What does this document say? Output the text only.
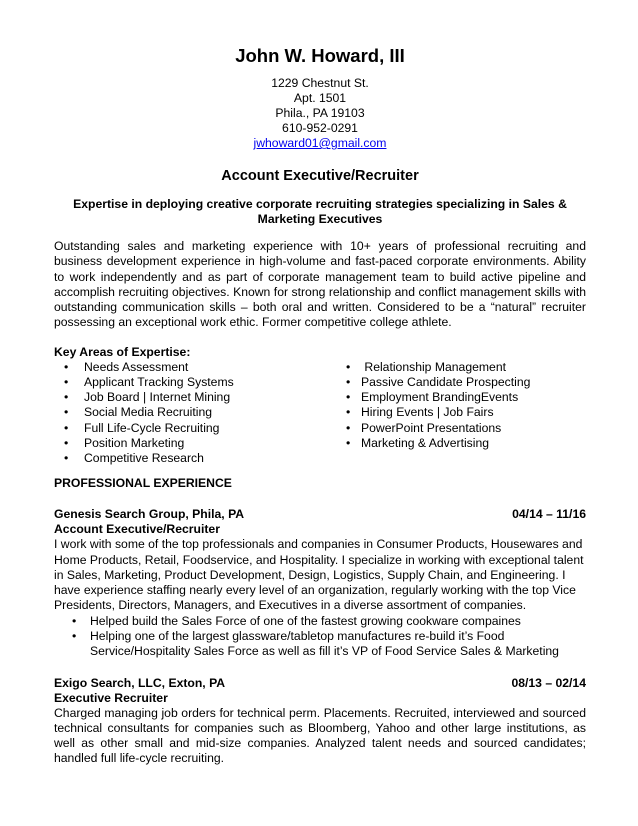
John W. Howard, III
1229 Chestnut St.
Apt. 1501
Phila., PA 19103
610-952-0291
jwhoward01@gmail.com
Account Executive/Recruiter
Expertise in deploying creative corporate recruiting strategies specializing in Sales & Marketing Executives
Outstanding sales and marketing experience with 10+ years of professional recruiting and business development experience in high-volume and fast-paced corporate environments. Ability to work independently and as part of corporate management team to build active pipeline and accomplish recruiting objectives. Known for strong relationship and conflict management skills with outstanding communication skills – both oral and written. Considered to be a “natural” recruiter possessing an exceptional work ethic. Former competitive college athlete.
Key Areas of Expertise:
• Needs Assessment
• Applicant Tracking Systems
• Job Board | Internet Mining
• Social Media Recruiting
• Full Life-Cycle Recruiting
• Position Marketing
• Competitive Research
• Relationship Management
• Passive Candidate Prospecting
• Employment BrandingEvents
• Hiring Events | Job Fairs
• PowerPoint Presentations
• Marketing & Advertising
PROFESSIONAL EXPERIENCE
Genesis Search Group, Phila, PA	04/14 – 11/16
Account Executive/Recruiter
I work with some of the top professionals and companies in Consumer Products, Housewares and Home Products, Retail, Foodservice, and Hospitality. I specialize in working with exceptional talent in Sales, Marketing, Product Development, Design, Logistics, Supply Chain, and Engineering. I have experience staffing nearly every level of an organization, regularly working with the top Vice Presidents, Directors, Managers, and Executives in a diverse assortment of companies.
• Helped build the Sales Force of one of the fastest growing cookware compaines
• Helping one of the largest glassware/tabletop manufactures re-build it’s Food Service/Hospitality Sales Force as well as fill it’s VP of Food Service Sales & Marketing
Exigo Search, LLC, Exton, PA	08/13 – 02/14
Executive Recruiter
Charged managing job orders for technical perm. Placements. Recruited, interviewed and sourced technical consultants for companies such as Bloomberg, Yahoo and other large institutions, as well as other small and mid-size companies. Analyzed talent needs and sourced candidates; handled full life-cycle recruiting.
